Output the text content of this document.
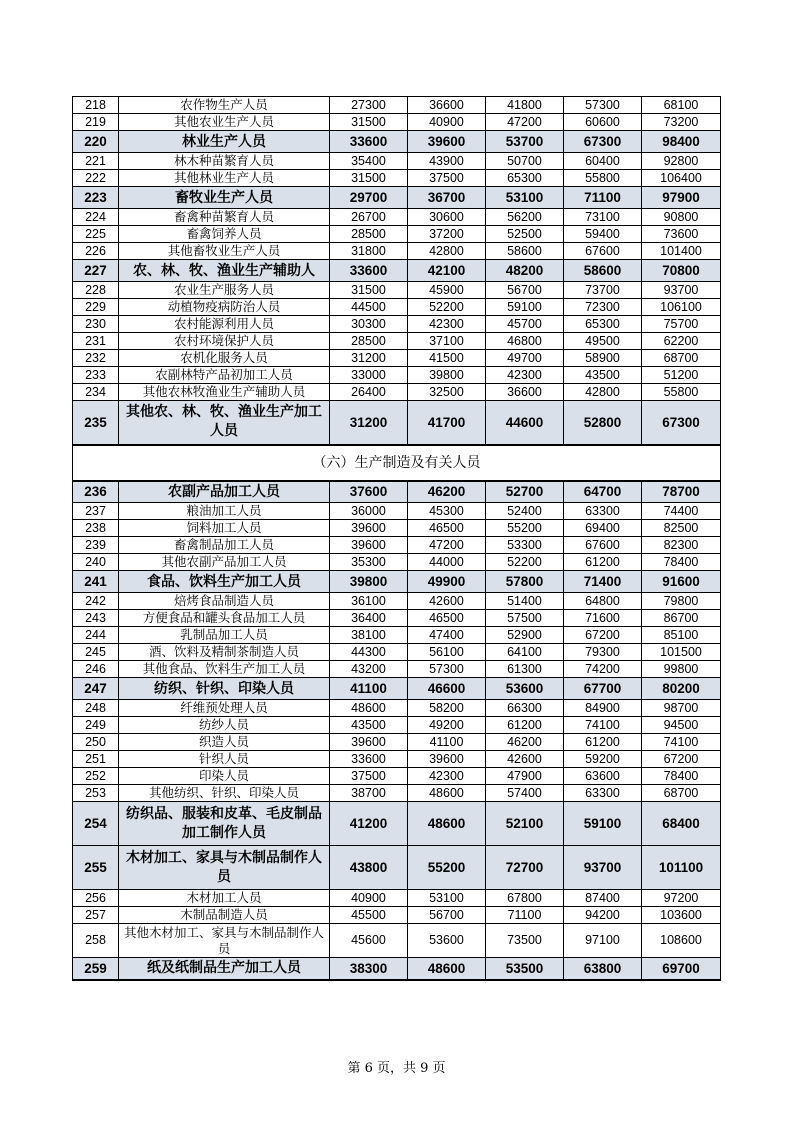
218	农作物生产人员	27300	36600	41800	57300	68100
219	其他农业生产人员	31500	40900	47200	60600	73200
220	林业生产人员	33600	39600	53700	67300	98400
221	林木种苗繁育人员	35400	43900	50700	60400	92800
222	其他林业生产人员	31500	37500	65300	55800	106400
223	畜牧业生产人员	29700	36700	53100	71100	97900
224	畜禽种苗繁育人员	26700	30600	56200	73100	90800
225	畜禽饲养人员	28500	37200	52500	59400	73600
226	其他畜牧业生产人员	31800	42800	58600	67600	101400
227	农、林、牧、渔业生产辅助人	33600	42100	48200	58600	70800
228	农业生产服务人员	31500	45900	56700	73700	93700
229	动植物疫病防治人员	44500	52200	59100	72300	106100
230	农村能源利用人员	30300	42300	45700	65300	75700
231	农村环境保护人员	28500	37100	46800	49500	62200
232	农机化服务人员	31200	41500	49700	58900	68700
233	农副林特产品初加工人员	33000	39800	42300	43500	51200
234	其他农林牧渔业生产辅助人员	26400	32500	36600	42800	55800
235	其他农、林、牧、渔业生产加工人员	31200	41700	44600	52800	67300
（六）生产制造及有关人员						
236	农副产品加工人员	37600	46200	52700	64700	78700
237	粮油加工人员	36000	45300	52400	63300	74400
238	饲料加工人员	39600	46500	55200	69400	82500
239	畜禽制品加工人员	39600	47200	53300	67600	82300
240	其他农副产品加工人员	35300	44000	52200	61200	78400
241	食品、饮料生产加工人员	39800	49900	57800	71400	91600
242	焙烤食品制造人员	36100	42600	51400	64800	79800
243	方便食品和罐头食品加工人员	36400	46500	57500	71600	86700
244	乳制品加工人员	38100	47400	52900	67200	85100
245	酒、饮料及精制茶制造人员	44300	56100	64100	79300	101500
246	其他食品、饮料生产加工人员	43200	57300	61300	74200	99800
247	纺织、针织、印染人员	41100	46600	53600	67700	80200
248	纤维预处理人员	48600	58200	66300	84900	98700
249	纺纱人员	43500	49200	61200	74100	94500
250	织造人员	39600	41100	46200	61200	74100
251	针织人员	33600	39600	42600	59200	67200
252	印染人员	37500	42300	47900	63600	78400
253	其他纺织、针织、印染人员	38700	48600	57400	63300	68700
254	纺织品、服装和皮革、毛皮制品加工制作人员	41200	48600	52100	59100	68400
255	木材加工、家具与木制品制作人员	43800	55200	72700	93700	101100
256	木材加工人员	40900	53100	67800	87400	97200
257	木制品制造人员	45500	56700	71100	94200	103600
258	其他木材加工、家具与木制品制作人员	45600	53600	73500	97100	108600
259	纸及纸制品生产加工人员	38300	48600	53500	63800	69700
第 6 页，共 9 页
